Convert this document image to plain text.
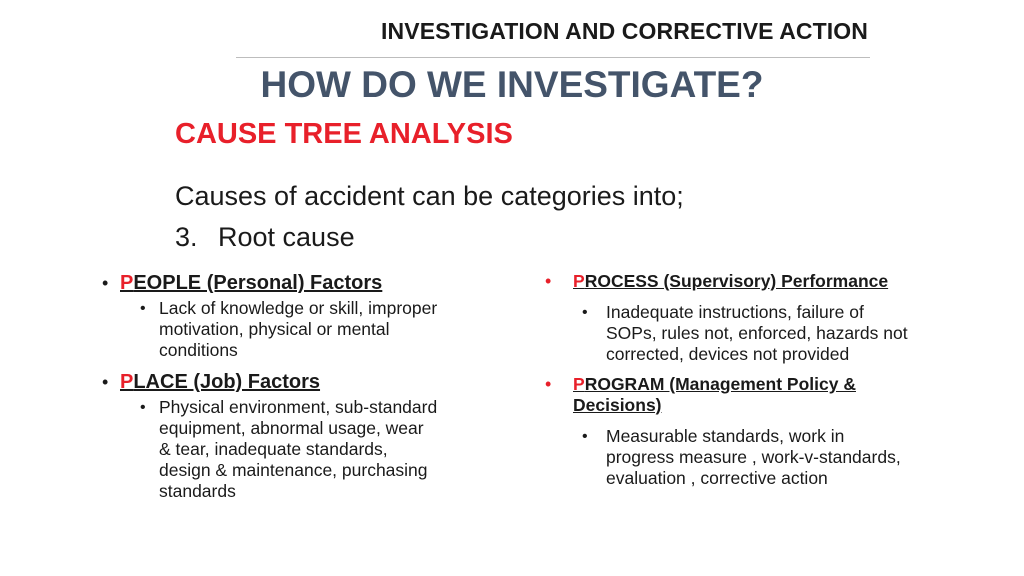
INVESTIGATION AND CORRECTIVE ACTION
HOW DO WE INVESTIGATE?
CAUSE TREE ANALYSIS
Causes of accident can be categories into;
3. Root cause
• PEOPLE (Personal) Factors
• Lack of knowledge or skill, improper motivation, physical or mental conditions
• PLACE (Job) Factors
• Physical environment, sub-standard equipment, abnormal usage, wear & tear, inadequate standards, design & maintenance, purchasing standards
•	PROCESS (Supervisory) Performance
•	Inadequate instructions, failure of SOPs, rules not, enforced, hazards not corrected, devices not provided
•	PROGRAM (Management Policy & Decisions)
•	Measurable standards, work in progress measure , work-v-standards, evaluation , corrective action
